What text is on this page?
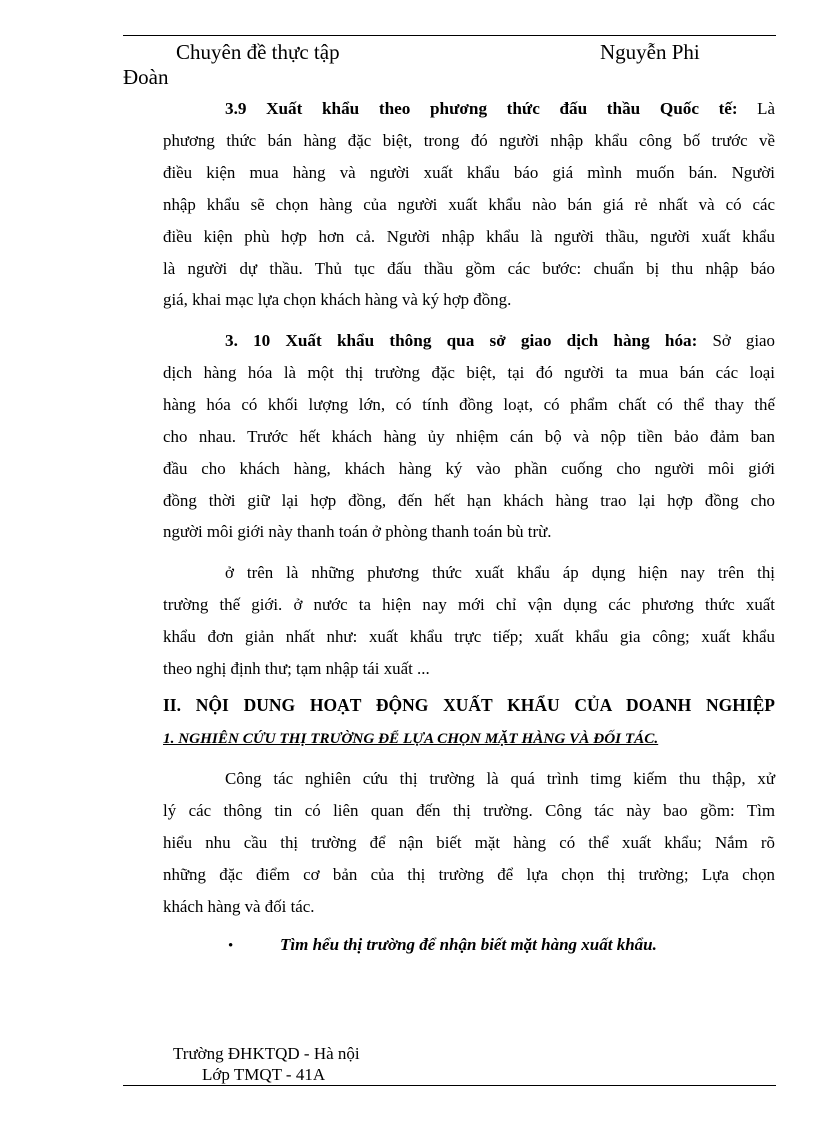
Chuyên đề thực tập	Nguyễn Phi
Đoàn
3.9 Xuất khẩu theo phương thức đấu thầu Quốc tế: Là
phương thức bán hàng đặc biệt, trong đó người nhập khẩu công bố trước về
điều kiện mua hàng và người xuất khẩu báo giá mình muốn bán. Người
nhập khẩu sẽ chọn hàng của người xuất khẩu nào bán giá rẻ nhất và có các
điều kiện phù hợp hơn cả. Người nhập khẩu là người thầu, người xuất khẩu
là người dự thầu. Thủ tục đấu thầu gồm các bước: chuẩn bị thu nhập báo
giá, khai mạc lựa chọn khách hàng và ký hợp đồng.
3. 10 Xuất khẩu thông qua sở giao dịch hàng hóa: Sở giao
dịch hàng hóa là một thị trường đặc biệt, tại đó người ta mua bán các loại
hàng hóa có khối lượng lớn, có tính đồng loạt, có phẩm chất có thể thay thế
cho nhau. Trước hết khách hàng ủy nhiệm cán bộ và nộp tiền bảo đảm ban
đầu cho khách hàng, khách hàng ký vào phần cuống cho người môi giới
đồng thời giữ lại hợp đồng, đến hết hạn khách hàng trao lại hợp đồng cho
người môi giới này thanh toán ở phòng thanh toán bù trừ.
ở trên là những phương thức xuất khẩu áp dụng hiện nay trên thị
trường thế giới. ở nước ta hiện nay mới chỉ vận dụng các phương thức xuất
khẩu đơn giản nhất như: xuất khẩu trực tiếp; xuất khẩu gia công; xuất khẩu
theo nghị định thư; tạm nhập tái xuất ...
II. NỘI DUNG HOẠT ĐỘNG XUẤT KHẨU CỦA DOANH NGHIỆP
1. NGHIÊN CỨU THỊ TRƯỜNG ĐỂ LỰA CHỌN MẶT HÀNG VÀ ĐỐI TÁC.
Công tác nghiên cứu thị trường là quá trình timg kiếm thu thập, xử
lý các thông tin có liên quan đến thị trường. Công tác này bao gồm: Tìm
hiểu nhu cầu thị trường để nận biết mặt hàng có thể xuất khẩu; Nắm rõ
những đặc điểm cơ bản của thị trường để lựa chọn thị trường; Lựa chọn
khách hàng và đối tác.
•	Tìm hểu thị trường để nhận biết mặt hàng xuất khẩu.
Trường ĐHKTQD - Hà nội
Lớp TMQT - 41A
